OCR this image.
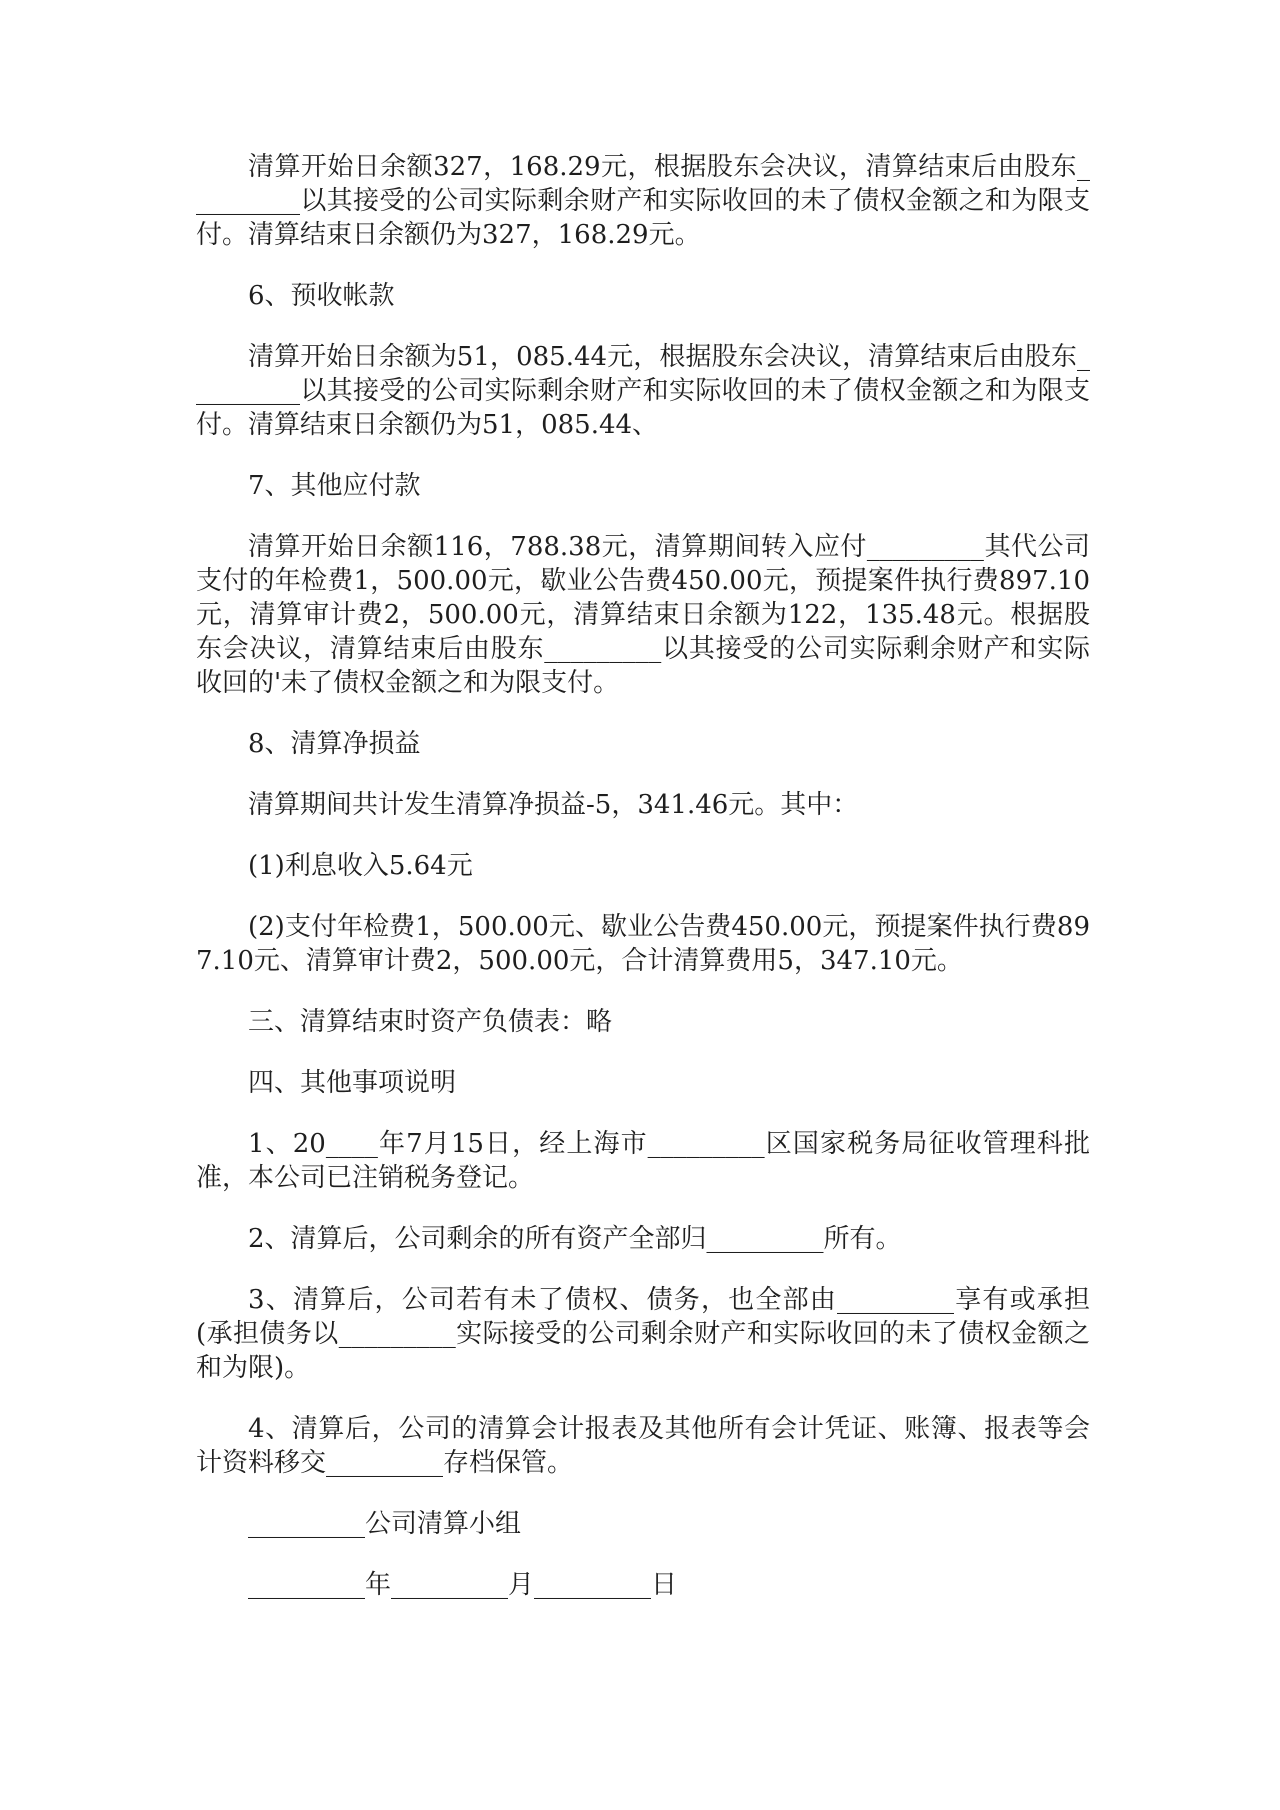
清算开始日余额327，168.29元，根据股东会决议，清算结束后由股东_________以其接受的公司实际剩余财产和实际收回的未了债权金额之和为限支付。清算结束日余额仍为327，168.29元。

6、预收帐款

清算开始日余额为51，085.44元，根据股东会决议，清算结束后由股东_________以其接受的公司实际剩余财产和实际收回的未了债权金额之和为限支付。清算结束日余额仍为51，085.44、

7、其他应付款

清算开始日余额116，788.38元，清算期间转入应付_________其代公司支付的年检费1，500.00元，歇业公告费450.00元，预提案件执行费897.10元，清算审计费2，500.00元，清算结束日余额为122，135.48元。根据股东会决议，清算结束后由股东_________以其接受的公司实际剩余财产和实际收回的'未了债权金额之和为限支付。

8、清算净损益

清算期间共计发生清算净损益-5，341.46元。其中：

(1)利息收入5.64元

(2)支付年检费1，500.00元、歇业公告费450.00元，预提案件执行费897.10元、清算审计费2，500.00元，合计清算费用5，347.10元。

三、清算结束时资产负债表：略

四、其他事项说明

1、20____年7月15日，经上海市_________区国家税务局征收管理科批准，本公司已注销税务登记。

2、清算后，公司剩余的所有资产全部归_________所有。

3、清算后，公司若有未了债权、债务，也全部由_________享有或承担(承担债务以_________实际接受的公司剩余财产和实际收回的未了债权金额之和为限)。

4、清算后，公司的清算会计报表及其他所有会计凭证、账簿、报表等会计资料移交_________存档保管。

_________公司清算小组

_________年_________月_________日
